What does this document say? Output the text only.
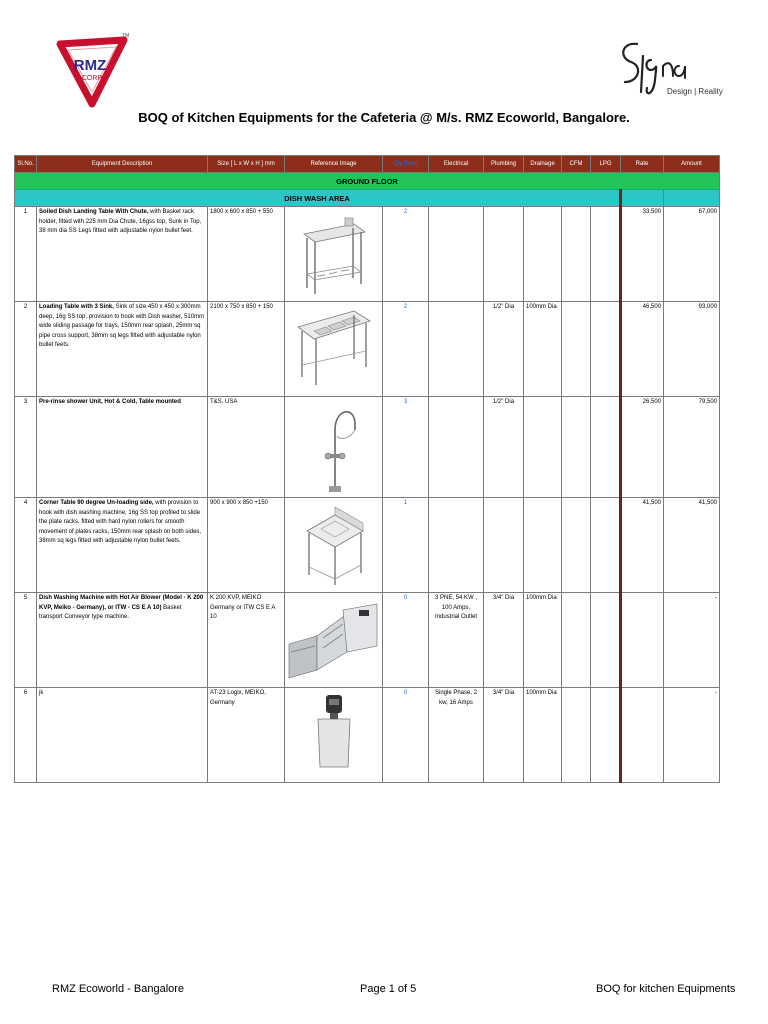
RMZ
CORP
TM
Design | Reality
BOQ of Kitchen Equipments for the Cafeteria @ M/s. RMZ Ecoworld, Bangalore.
Sl.No.	Equipment Description	Size [ L x W x H ] mm	Reference Image	Qty [Nos]	Electrical	Plumbing	Drainage	CFM	LPG	Rate	Amount
GROUND FLOOR											
DISH WASH AREA											
1	Soiled Dish Landing Table With Chute, with Basket rack holder, fitted with 225 mm Dia Chute, 16gss top, Sunk in Top, 38 mm dia SS Legs fitted with adjustable nylon bullet feet.	1800 x 600 x 850 + 550		2						33,500	67,000
2	Loading Table with 3 Sink, Sink of size 450 x 450 x 300mm deep, 16g SS top, provision to hook with Dish washer, 510mm wide sliding passage for trays, 150mm rear splash, 25mm sq pipe cross support, 38mm sq legs fitted with adjustable nylon bullet feets.	2100 x 750 x 850 + 150		2		1/2" Dia	100mm Dia			46,500	93,000
3	Pre-rinse shower Unit, Hot & Cold, Table mounted	T&S, USA		3		1/2" Dia				26,500	79,500
4	Corner Table 90 degree Un-loading side, with provision to hook with dish washing machine, 16g SS top profiled to slide the plate racks, fitted with hard nylon rollers for smooth movement of plates racks, 150mm rear splash on both sides, 38mm sq legs fitted with adjustable nylon bullet feets.	900 x 900 x 850 +150		1						41,500	41,500
5	Dish Washing Machine with Hot Air Blower (Model - K 200 KVP, Meiko - Germany), or ITW - CS E A 10) Basket transport Conveyor type machine.	K 200 KVP, MEIKO Germany or ITW CS E A 10		0	3 PNE, 54 KW , 100 Amps, Industrial Outlet	3/4" Dia	100mm Dia				-
6	jk	AT-23 Logix, MEIKO, Germany		0	Single Phase, 2 kw, 16 Amps	3/4" Dia	100mm Dia				-
RMZ Ecoworld - Bangalore	Page 1 of 5	BOQ for kitchen Equipments
